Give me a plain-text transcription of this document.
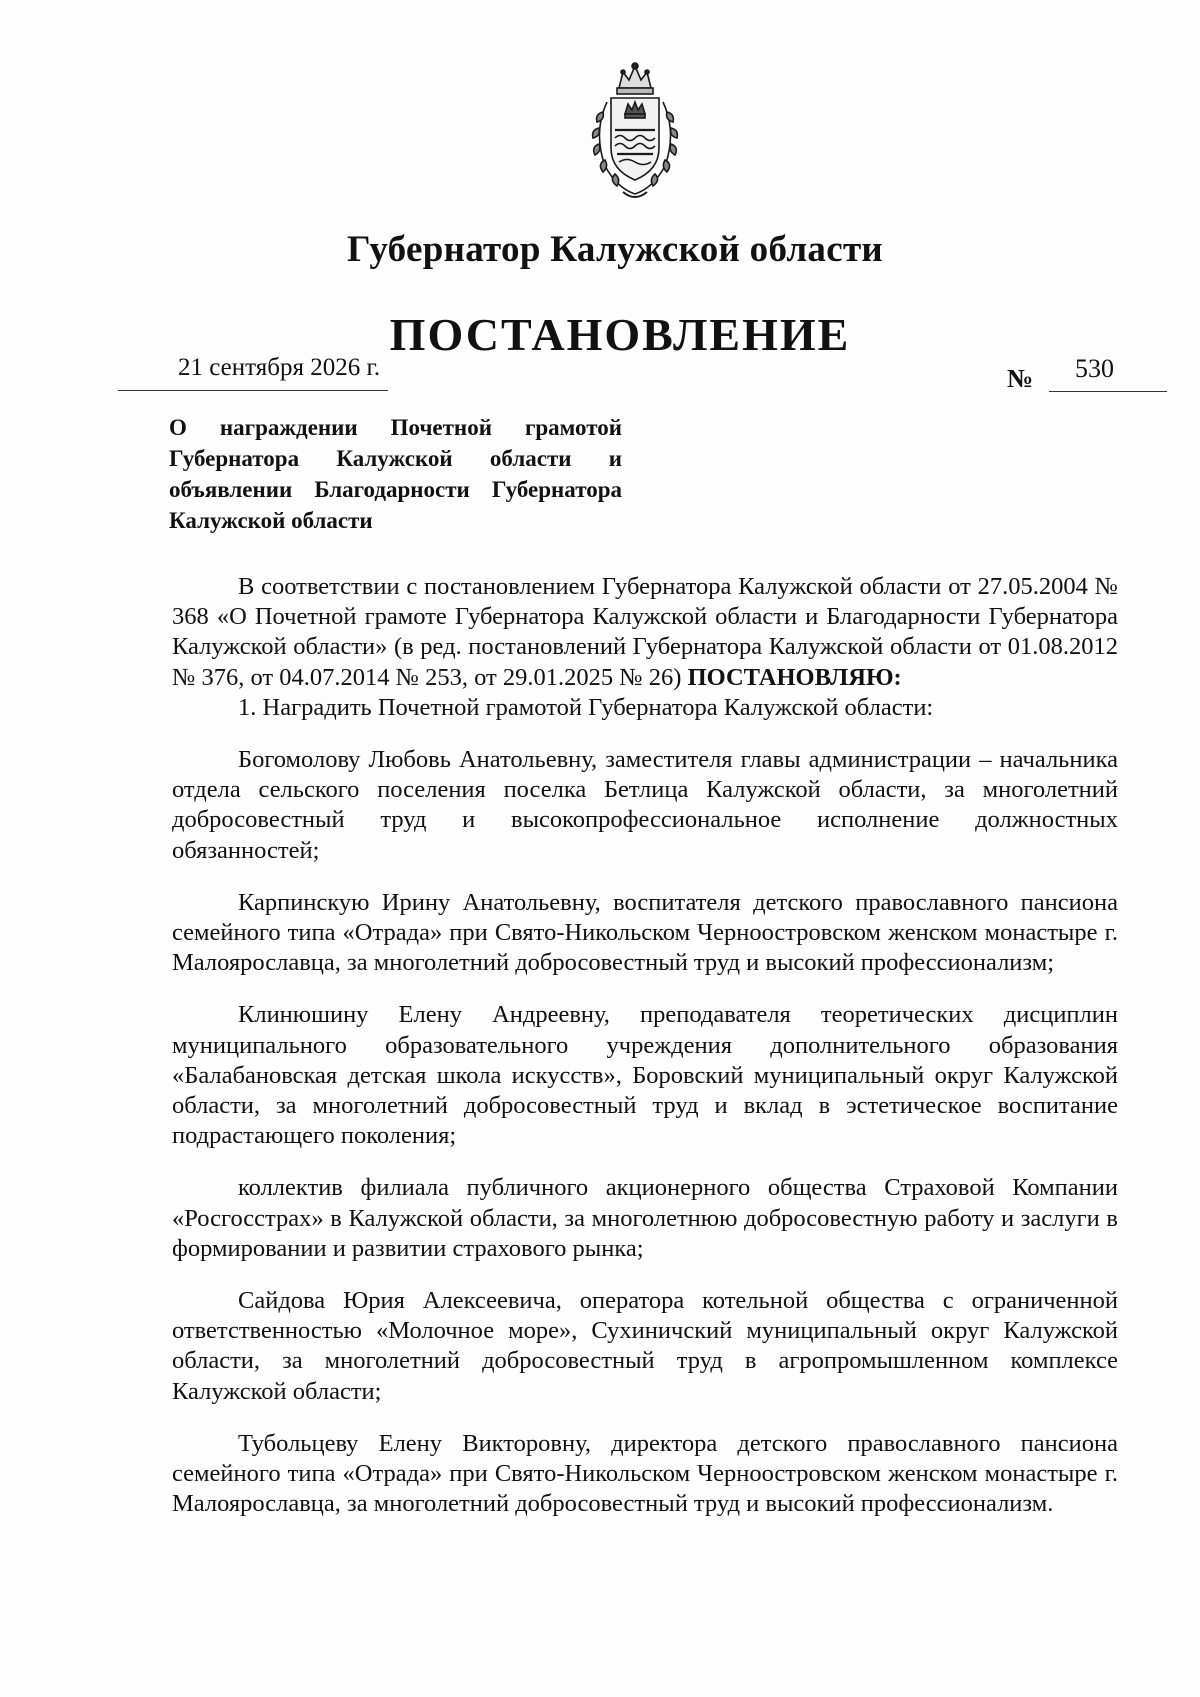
Губернатор Калужской области
ПОСТАНОВЛЕНИЕ
21 сентября 2026 г.	№ 530
О награждении Почетной грамотой Губернатора Калужской области и объявлении Благодарности Губернатора Калужской области

В соответствии с постановлением Губернатора Калужской области от 27.05.2004 № 368 «О Почетной грамоте Губернатора Калужской области и Благодарности Губернатора Калужской области» (в ред. постановлений Губернатора Калужской области от 01.08.2012 № 376, от 04.07.2014 № 253, от 29.01.2025 № 26) ПОСТАНОВЛЯЮ:

1. Наградить Почетной грамотой Губернатора Калужской области:

Богомолову Любовь Анатольевну, заместителя главы администрации – начальника отдела сельского поселения поселка Бетлица Калужской области, за многолетний добросовестный труд и высокопрофессиональное исполнение должностных обязанностей;

Карпинскую Ирину Анатольевну, воспитателя детского православного пансиона семейного типа «Отрада» при Свято-Никольском Черноостровском женском монастыре г. Малоярославца, за многолетний добросовестный труд и высокий профессионализм;

Клинюшину Елену Андреевну, преподавателя теоретических дисциплин муниципального образовательного учреждения дополнительного образования «Балабановская детская школа искусств», Боровский муниципальный округ Калужской области, за многолетний добросовестный труд и вклад в эстетическое воспитание подрастающего поколения;

коллектив филиала публичного акционерного общества Страховой Компании «Росгосстрах» в Калужской области, за многолетнюю добросовестную работу и заслуги в формировании и развитии страхового рынка;

Сайдова Юрия Алексеевича, оператора котельной общества с ограниченной ответственностью «Молочное море», Сухиничский муниципальный округ Калужской области, за многолетний добросовестный труд в агропромышленном комплексе Калужской области;

Тубольцеву Елену Викторовну, директора детского православного пансиона семейного типа «Отрада» при Свято-Никольском Черноостровском женском монастыре г. Малоярославца, за многолетний добросовестный труд и высокий профессионализм.
